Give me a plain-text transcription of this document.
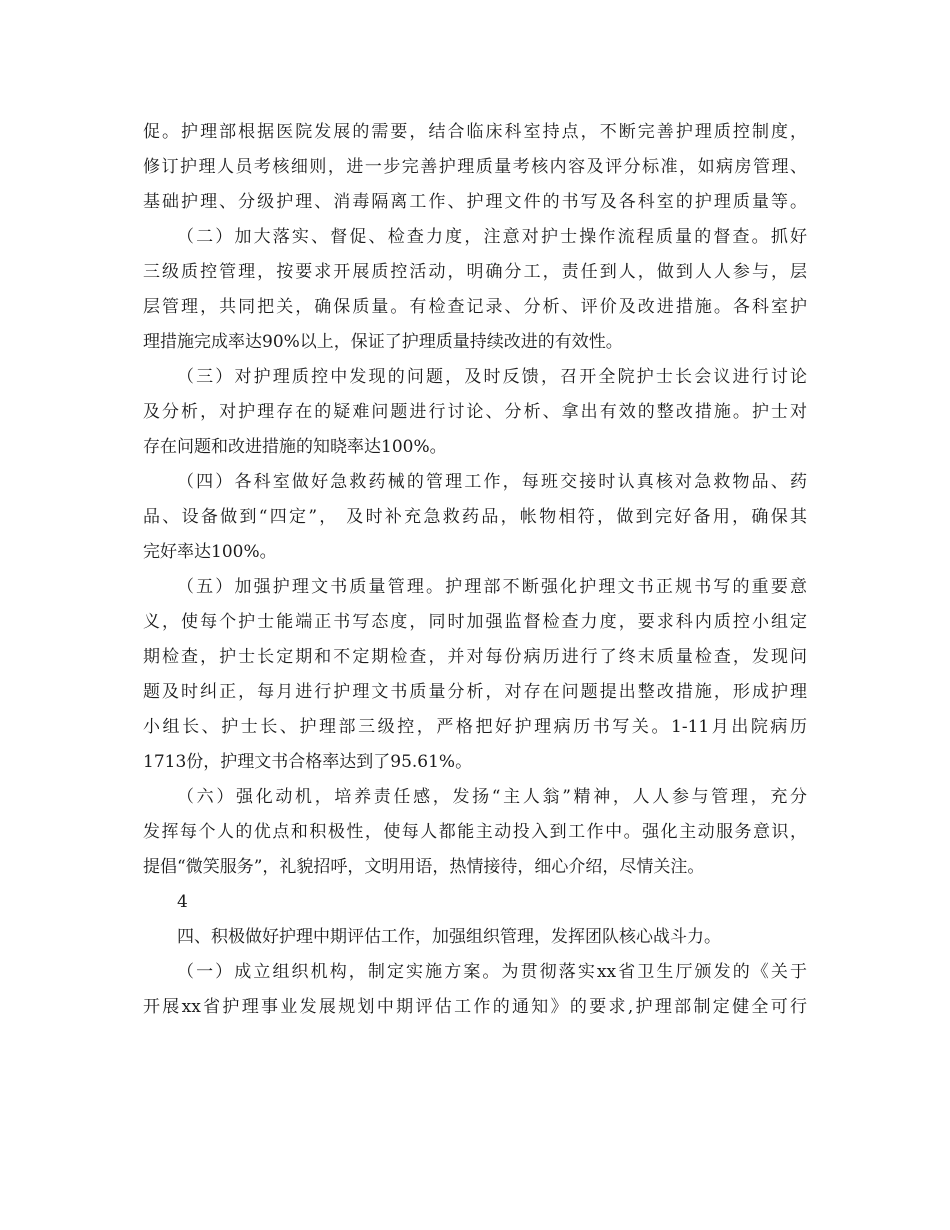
促。护理部根据医院发展的需要，结合临床科室持点，不断完善护理质控制度，
修订护理人员考核细则，进一步完善护理质量考核内容及评分标准，如病房管理、
基础护理、分级护理、消毒隔离工作、护理文件的书写及各科室的护理质量等。
（二）加大落实、督促、检查力度，注意对护士操作流程质量的督查。抓好
三级质控管理，按要求开展质控活动，明确分工，责任到人，做到人人参与，层
层管理，共同把关，确保质量。有检查记录、分析、评价及改进措施。各科室护
理措施完成率达90%以上，保证了护理质量持续改进的有效性。
（三）对护理质控中发现的问题，及时反馈，召开全院护士长会议进行讨论
及分析，对护理存在的疑难问题进行讨论、分析、拿出有效的整改措施。护士对
存在问题和改进措施的知晓率达100%。
（四）各科室做好急救药械的管理工作，每班交接时认真核对急救物品、药
品、设备做到“四定”， 及时补充急救药品，帐物相符，做到完好备用，确保其
完好率达100%。
（五）加强护理文书质量管理。护理部不断强化护理文书正规书写的重要意
义，使每个护士能端正书写态度，同时加强监督检查力度，要求科内质控小组定
期检查，护士长定期和不定期检查，并对每份病历进行了终末质量检查，发现问
题及时纠正，每月进行护理文书质量分析，对存在问题提出整改措施，形成护理
小组长、护士长、护理部三级控，严格把好护理病历书写关。1-11月出院病历
1713份，护理文书合格率达到了95.61%。
（六）强化动机，培养责任感，发扬“主人翁”精神，人人参与管理，充分
发挥每个人的优点和积极性，使每人都能主动投入到工作中。强化主动服务意识，
提倡“微笑服务”，礼貌招呼，文明用语，热情接待，细心介绍，尽情关注。
4
四、积极做好护理中期评估工作，加强组织管理，发挥团队核心战斗力。
（一）成立组织机构，制定实施方案。为贯彻落实xx省卫生厅颁发的《关于
开展xx省护理事业发展规划中期评估工作的通知》的要求,护理部制定健全可行
